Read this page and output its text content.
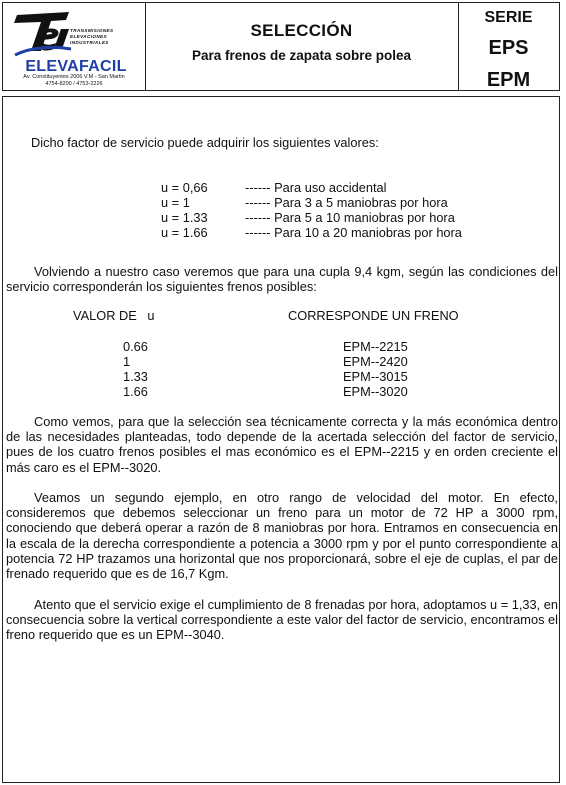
TRANSMISIONES ELEVACIONES INDUSTRIALES
ELEVAFACIL
Av. Constituyentes 2006 V.M - San Martin
4754-8200 / 4753-2226
SELECCIÓN
Para frenos de zapata sobre polea
SERIE
EPS
EPM
Dicho factor de servicio puede adquirir los siguientes valores:
u = 0,66	------ Para uso accidental
u = 1	------ Para 3 a 5 maniobras por hora
u = 1.33	------ Para 5 a 10 maniobras por hora
u = 1.66	------ Para 10 a 20 maniobras por hora
Volviendo a nuestro caso veremos que para una cupla 9,4 kgm, según las condiciones del servicio corresponderán los siguientes frenos posibles:
VALOR DE   u	CORRESPONDE UN FRENO
0.66	EPM--2215
1	EPM--2420
1.33	EPM--3015
1.66	EPM--3020
Como vemos, para que la selección sea técnicamente correcta y la más económica dentro de las necesidades planteadas, todo depende de la acertada selección del factor de servicio, pues de los cuatro frenos posibles el mas económico es el EPM--2215 y en orden creciente el más caro es el EPM--3020.
Veamos un segundo ejemplo, en otro rango de velocidad del motor. En efecto, consideremos que debemos seleccionar un freno para un motor de 72 HP a 3000 rpm, conociendo que deberá operar a razón de 8 maniobras por hora. Entramos en consecuencia en la escala de la derecha correspondiente a potencia a 3000 rpm y por el punto correspondiente a potencia 72 HP trazamos una horizontal que nos proporcionará, sobre el eje de cuplas, el par de frenado requerido que es de 16,7 Kgm.
Atento que el servicio exige el cumplimiento de 8 frenadas por hora, adoptamos u = 1,33, en consecuencia sobre la vertical correspondiente a este valor del factor de servicio, encontramos el freno requerido que es un EPM--3040.
